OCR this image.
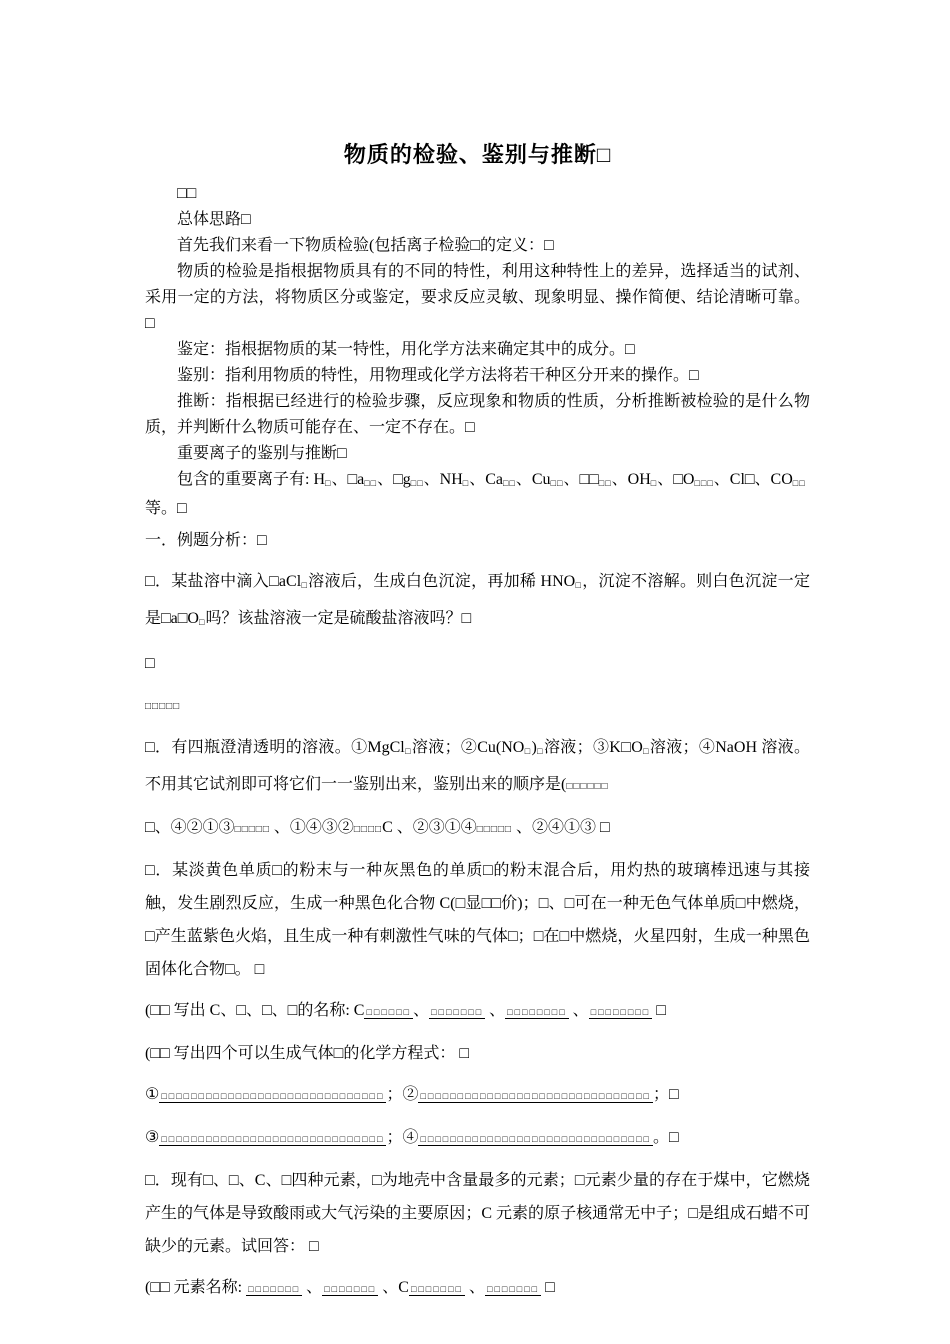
物质的检验、鉴别与推断□
□□
总体思路□
首先我们来看一下物质检验(包括离子检验□的定义：□
物质的检验是指根据物质具有的不同的特性，利用这种特性上的差异，选择适当的试剂、采用一定的方法，将物质区分或鉴定，要求反应灵敏、现象明显、操作简便、结论清晰可靠。□
鉴定：指根据物质的某一特性，用化学方法来确定其中的成分。□
鉴别：指利用物质的特性，用物理或化学方法将若干种区分开来的操作。□
推断：指根据已经进行的检验步骤，反应现象和物质的性质，分析推断被检验的是什么物质，并判断什么物质可能存在、一定不存在。□
重要离子的鉴别与推断□
包含的重要离子有: $H_□$、$□a_{□□}$、$□g_{□□}$、$NH_□$、$Ca_{□□}$、$Cu_{□□}$、$□□_{□□}$、$OH_□$、$□O_{□□□}$、Cl□、$CO_{□□}$等。□
一．例题分析：□
□．某盐溶中滴入□aCl$_□$溶液后，生成白色沉淀，再加稀 $HNO_□$，沉淀不溶解。则白色沉淀一定是$□a□O_□$吗？该盐溶液一定是硫酸盐溶液吗？□
□
□□□□□
□．有四瓶澄清透明的溶液。①MgCl$_□$溶液；$②Cu(NO_□)_□$溶液；$③K□O_□$溶液；④NaOH 溶液。不用其它试剂即可将它们一一鉴别出来，鉴别出来的顺序是(□□□□□□
□、④②①③□□□□□ 、①④③②□□□□C 、②③①④□□□□□ 、②④①③ □
□．某淡黄色单质□的粉末与一种灰黑色的单质□的粉末混合后，用灼热的玻璃棒迅速与其接触，发生剧烈反应，生成一种黑色化合物 C(□显□□价)；□、□可在一种无色气体单质□中燃烧，□产生蓝紫色火焰，且生成一种有刺激性气味的气体□；□在□中燃烧，火星四射，生成一种黑色固体化合物□。 □
(□□ 写出 C、□、□、□的名称: C □□□□□□ 、 □□□□□□□ 、 □□□□□□□□ 、 □□□□□□□□ □
(□□ 写出四个可以生成气体□的化学方程式： □
① □□□□□□□□□□□□□□□□□□□□□□□□□□□□□□ ；② □□□□□□□□□□□□□□□□□□□□□□□□□□□□□□□ ；□
③ □□□□□□□□□□□□□□□□□□□□□□□□□□□□□□ ；④ □□□□□□□□□□□□□□□□□□□□□□□□□□□□□□□ 。□
□．现有□、□、C、□四种元素，□为地壳中含量最多的元素；□元素少量的存在于煤中，它燃烧产生的气体是导致酸雨或大气污染的主要原因；C 元素的原子核通常无中子；□是组成石蜡不可缺少的元素。试回答： □
(□□ 元素名称: □□□□□□□ 、 □□□□□□□ 、C □□□□□□□ 、 □□□□□□□ □
